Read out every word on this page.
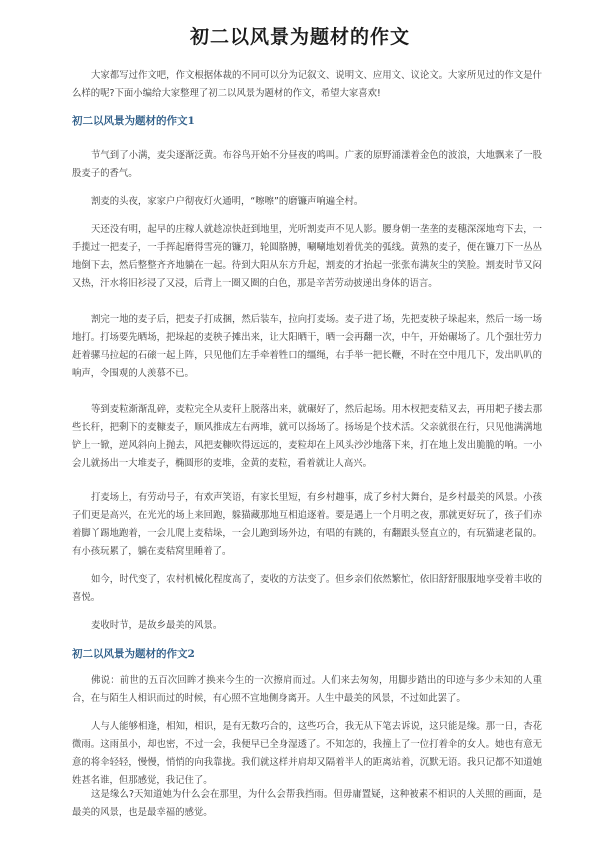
初二以风景为题材的作文

大家都写过作文吧，作文根据体裁的不同可以分为记叙文、说明文、应用文、议论文。大家所见过的作文是什么样的呢?下面小编给大家整理了初二以风景为题材的作文，希望大家喜欢!

初二以风景为题材的作文1

节气到了小满，麦尖逐渐泛黄。布谷鸟开始不分昼夜的鸣叫。广袤的原野涌漾着金色的波浪，大地飘来了一股股麦子的香气。

割麦的头夜，家家户户彻夜灯火通明，“嚓嚓”的磨镰声响遍全村。

天还没有明，起早的庄稼人就趁凉快赶到地里，光听割麦声不见人影。腰身朝一垄垄的麦穗深深地弯下去，一手揽过一把麦子，一手挥起磨得雪亮的镰刀，轮圆胳膊，唰唰地划着优美的弧线。黄熟的麦子，便在镰刀下一丛丛地倒下去，然后整整齐齐地躺在一起。待到大阳从东方升起，割麦的才抬起一张张布满灰尘的笑脸。割麦时节又闷又热，汗水将旧衫浸了又浸，后背上一圈又圈的白色，那是辛苦劳动披递出身体的语言。

割完一地的麦子后，把麦子打成捆，然后装车，拉向打麦场。麦子进了场，先把麦秧子垛起来，然后一场一场地打。打场要先晒场，把垛起的麦秧子摊出来，让大阳晒干，晒一会再翻一次，中午，开始碾场了。几个强壮劳力赶着骡马拉起的石磙一起上阵，只见他们左手牵着牲口的缰绳，右手举一把长鞭，不时在空中甩几下，发出叭叭的响声，令围观的人羡慕不已。

等到麦粒渐渐乱碎，麦粒完全从麦秆上脱落出来，就碾好了，然后起场。用木杈把麦秸叉去，再用耙子搂去那些长秆，把剩下的麦糠麦子，顺风推成左右两堆，就可以扬场了。扬场是个技术活。父亲就很在行，只见他满满地铲上一锨，逆风斜向上抛去，风把麦糠吹得远远的，麦粒却在上风头沙沙地落下来，打在地上发出脆脆的响。一小会儿就扬出一大堆麦子，椭圆形的麦堆，金黄的麦粒，看着就让人高兴。

打麦场上，有劳动号子，有欢声笑语，有家长里短，有乡村趣事，成了乡村大舞台，是乡村最美的风景。小孩子们更是高兴，在光光的场上来回跑，躲猫藏那地互相追逐着。要是遇上一个月明之夜，那就更好玩了，孩子们赤着脚丫踢地跑着，一会儿爬上麦秸垛，一会儿跑到场外边，有唱的有跳的，有翻跟头竖直立的，有玩猫逮老鼠的。有小孩玩累了，躺在麦秸窝里睡着了。

如今，时代变了，农村机械化程度高了，麦收的方法变了。但乡亲们依然繁忙，依旧舒舒服服地享受着丰收的喜悦。

麦收时节，是故乡最美的风景。

初二以风景为题材的作文2

佛说：前世的五百次回眸才换来今生的一次擦肩而过。人们来去匆匆，用脚步踏出的印迹与多少未知的人重合，在与陌生人相识而过的时候，有心照不宣地侧身离开。人生中最美的风景，不过如此罢了。

人与人能够相逢，相知，相识，是有无数巧合的，这些巧合，我无从下笔去诉说，这只能是缘。那一日，杏花微雨。这雨虽小，却也密，不过一会，我便早已全身湿透了。不知怎的，我撞上了一位打着伞的女人。她也有意无意的将伞轻轻，慢慢，悄悄的向我靠拢。我们就这样并肩却又隔着半人的距离站着，沉默无语。我只记都不知道她姓甚名谁，但那感觉，我记住了。

这是缘么?天知道她为什么会在那里，为什么会帮我挡雨。但毋庸置疑，这种被素不相识的人关照的画面，是最美的风景，也是最幸福的感觉。
